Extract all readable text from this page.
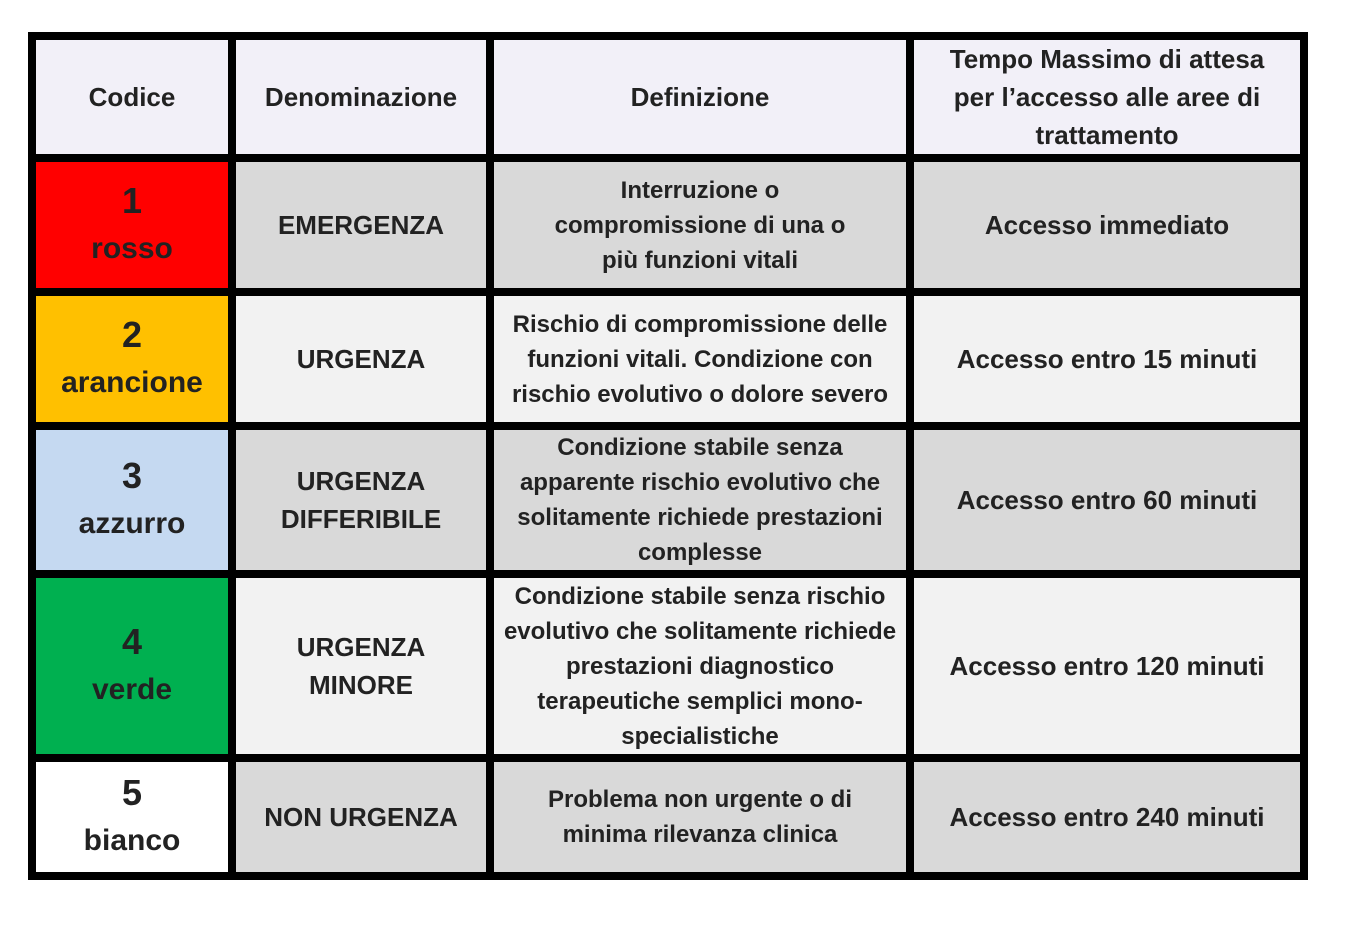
Codice	Denominazione	Definizione	Tempo Massimo di attesa per l’accesso alle aree di trattamento

1
rosso	EMERGENZA	Interruzione o compromissione di una o più funzioni vitali	Accesso immediato

2
arancione	URGENZA	Rischio di compromissione delle funzioni vitali. Condizione con rischio evolutivo o dolore severo	Accesso entro 15 minuti

3
azzurro	URGENZA DIFFERIBILE	Condizione stabile senza apparente rischio evolutivo che solitamente richiede prestazioni complesse	Accesso entro 60 minuti

4
verde	URGENZA MINORE	Condizione stabile senza rischio evolutivo che solitamente richiede prestazioni diagnostico terapeutiche semplici mono-specialistiche	Accesso entro 120 minuti

5
bianco	NON URGENZA	Problema non urgente o di minima rilevanza clinica	Accesso entro 240 minuti
